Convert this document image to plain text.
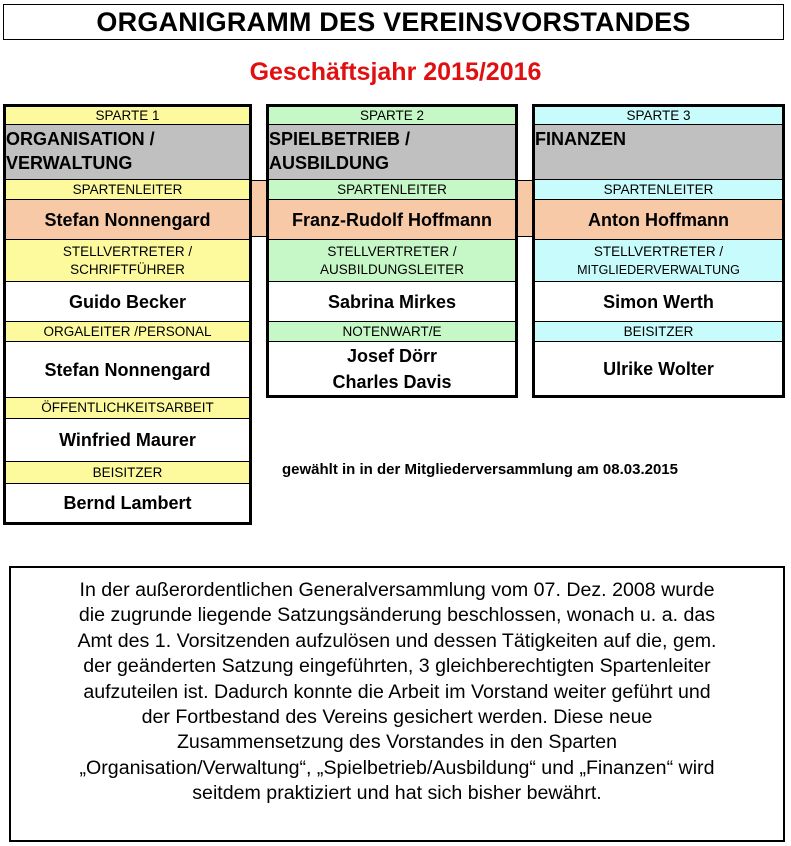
ORGANIGRAMM DES VEREINSVORSTANDES
Geschäftsjahr 2015/2016
SPARTE 1
ORGANISATION /
VERWALTUNG
SPARTENLEITER
Stefan Nonnengard
STELLVERTRETER /
SCHRIFTFÜHRER
Guido Becker
ORGALEITER /PERSONAL
Stefan Nonnengard
ÖFFENTLICHKEITSARBEIT
Winfried Maurer
BEISITZER
Bernd Lambert
SPARTE 2
SPIELBETRIEB /
AUSBILDUNG
SPARTENLEITER
Franz-Rudolf Hoffmann
STELLVERTRETER /
AUSBILDUNGSLEITER
Sabrina Mirkes
NOTENWART/E
Josef Dörr
Charles Davis
SPARTE 3
FINANZEN
SPARTENLEITER
Anton Hoffmann
STELLVERTRETER /
MITGLIEDERVERWALTUNG
Simon Werth
BEISITZER
Ulrike Wolter
gewählt in in der Mitgliederversammlung am 08.03.2015
In der außerordentlichen Generalversammlung vom 07. Dez. 2008 wurde
die zugrunde liegende Satzungsänderung beschlossen, wonach u. a. das
Amt des 1. Vorsitzenden aufzulösen und dessen Tätigkeiten auf die, gem.
der geänderten Satzung eingeführten, 3 gleichberechtigten Spartenleiter
aufzuteilen ist. Dadurch konnte die Arbeit im Vorstand weiter geführt und
der Fortbestand des Vereins gesichert werden. Diese neue
Zusammensetzung des Vorstandes in den Sparten
„Organisation/Verwaltung“, „Spielbetrieb/Ausbildung“ und „Finanzen“ wird
seitdem praktiziert und hat sich bisher bewährt.
